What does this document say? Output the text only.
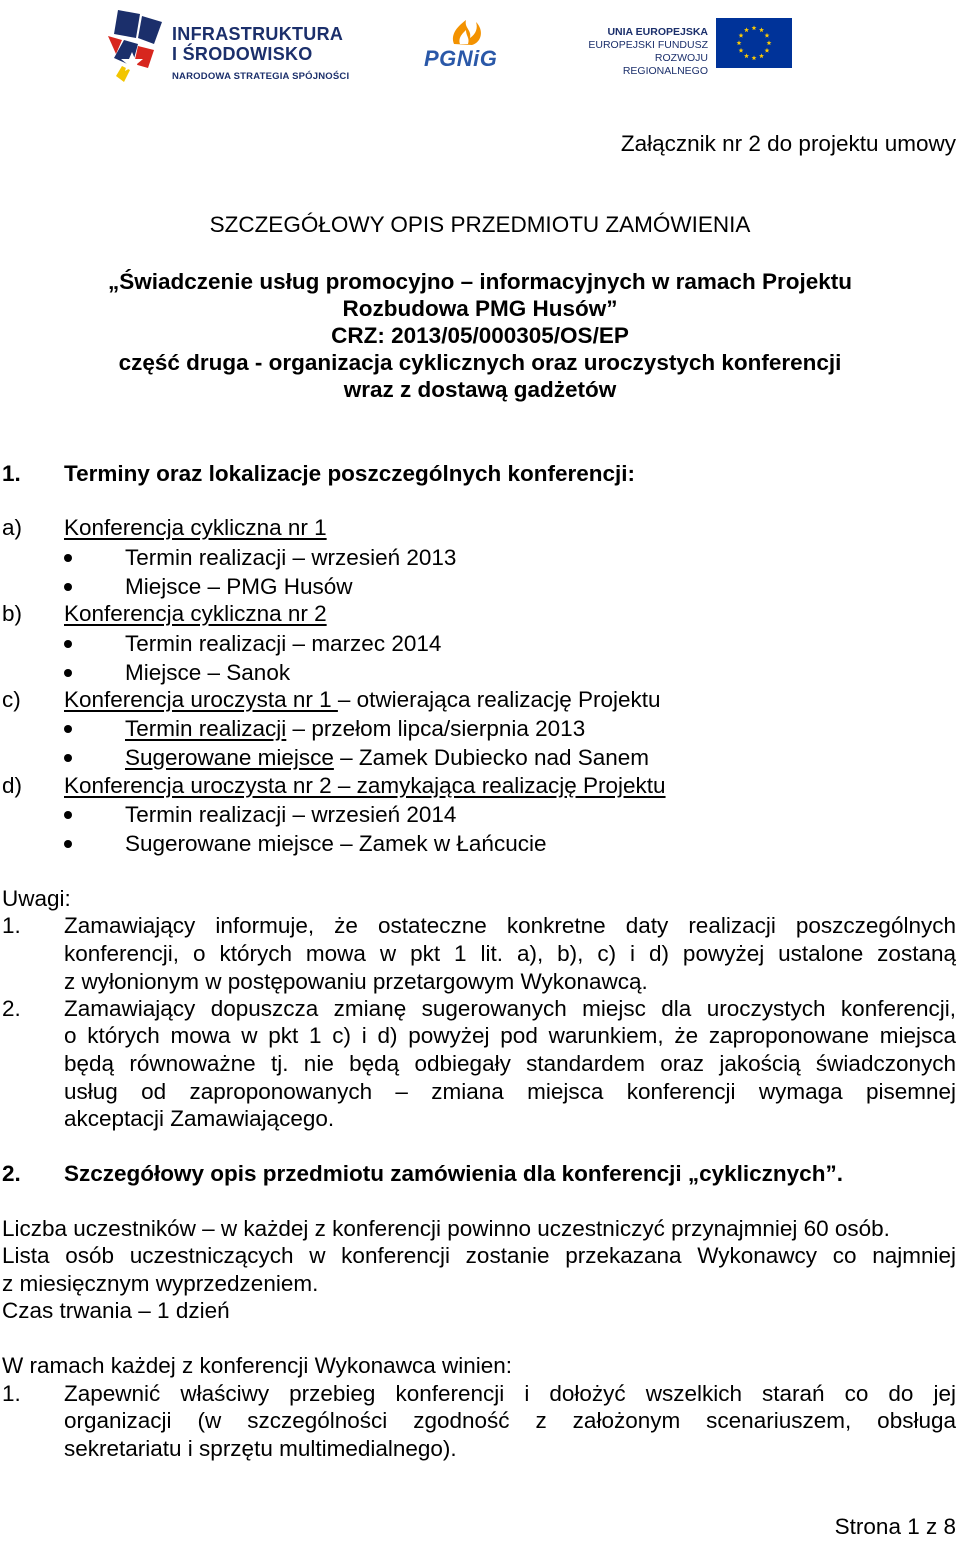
INFRASTRUKTURA
I ŚRODOWISKO
NARODOWA STRATEGIA SPÓJNOŚCI
PGNiG
UNIA EUROPEJSKA
EUROPEJSKI FUNDUSZ
ROZWOJU REGIONALNEGO
Załącznik nr 2 do projektu umowy
SZCZEGÓŁOWY OPIS PRZEDMIOTU ZAMÓWIENIA
„Świadczenie usług promocyjno – informacyjnych w ramach Projektu
Rozbudowa PMG Husów”
CRZ: 2013/05/000305/OS/EP
część druga - organizacja cyklicznych oraz uroczystych konferencji
wraz z dostawą gadżetów
1. Terminy oraz lokalizacje poszczególnych konferencji:
a) Konferencja cykliczna nr 1
Termin realizacji – wrzesień 2013
Miejsce – PMG Husów
b) Konferencja cykliczna nr 2
Termin realizacji – marzec 2014
Miejsce – Sanok
c) Konferencja uroczysta nr 1 – otwierająca realizację Projektu
Termin realizacji – przełom lipca/sierpnia 2013
Sugerowane miejsce – Zamek Dubiecko nad Sanem
d) Konferencja uroczysta nr 2 – zamykająca realizację Projektu
Termin realizacji – wrzesień 2014
Sugerowane miejsce – Zamek w Łańcucie
Uwagi:
1. Zamawiający informuje, że ostateczne konkretne daty realizacji poszczególnych
konferencji, o których mowa w pkt 1 lit. a), b), c) i d) powyżej ustalone zostaną
z wyłonionym w postępowaniu przetargowym Wykonawcą.
2. Zamawiający dopuszcza zmianę sugerowanych miejsc dla uroczystych konferencji,
o których mowa w pkt 1 c) i d) powyżej pod warunkiem, że zaproponowane miejsca
będą równoważne tj. nie będą odbiegały standardem oraz jakością świadczonych
usług od zaproponowanych – zmiana miejsca konferencji wymaga pisemnej
akceptacji Zamawiającego.
2. Szczegółowy opis przedmiotu zamówienia dla konferencji „cyklicznych”.
Liczba uczestników – w każdej z konferencji powinno uczestniczyć przynajmniej 60 osób.
Lista osób uczestniczących w konferencji zostanie przekazana Wykonawcy co najmniej
z miesięcznym wyprzedzeniem.
Czas trwania – 1 dzień
W ramach każdej z konferencji Wykonawca winien:
1. Zapewnić właściwy przebieg konferencji i dołożyć wszelkich starań co do jej
organizacji (w szczególności zgodność z założonym scenariuszem, obsługa
sekretariatu i sprzętu multimedialnego).
Strona 1 z 8
